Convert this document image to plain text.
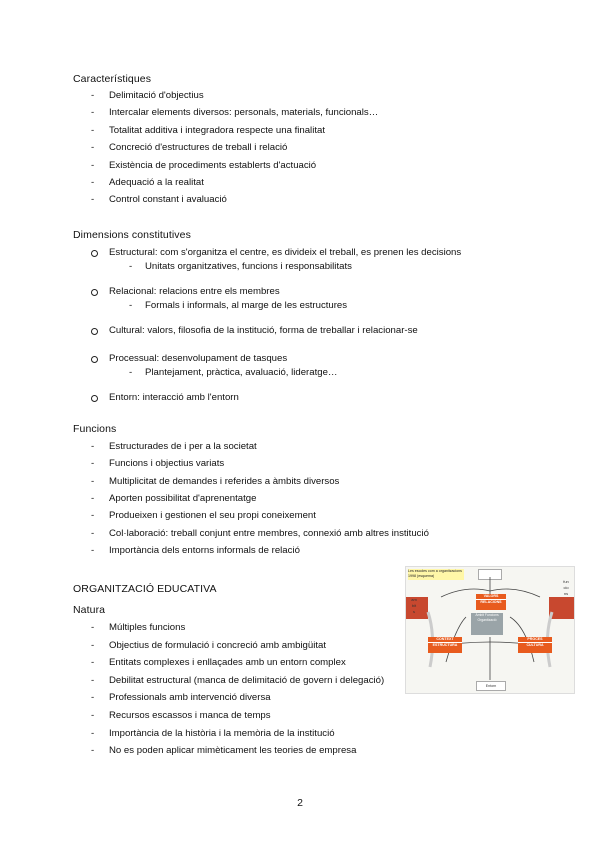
Característiques
Dimensions constitutives
Funcions
ORGANITZACIÓ EDUCATIVA
Natura
Les escoles com a organitzacions 1998 (esquema)
ambits
funcions
VALORS
RELACIONS
Àmbit Funcions Organització
CONTEXT
ESTRUCTURA
PROCES
CULTURA
Entorn
2
- Delimitació d'objectius
- Intercalar elements diversos: personals, materials, funcionals…
- Totalitat additiva i integradora respecte una finalitat
- Concreció d'estructures de treball i relació
- Existència de procediments establerts d'actuació
- Adequació a la realitat
- Control constant i avaluació
- Estructurades de i per a la societat
- Funcions i objectius variats
- Multiplicitat de demandes i referides a àmbits diversos
- Aporten possibilitat d'aprenentatge
- Produeixen i gestionen el seu propi coneixement
- Col·laboració: treball conjunt entre membres, connexió amb altres institució
- Importància dels entorns informals de relació
- Múltiples funcions
- Objectius de formulació i concreció amb ambigüitat
- Entitats complexes i enllaçades amb un entorn complex
- Debilitat estructural (manca de delimitació de govern i delegació)
- Professionals amb intervenció diversa
- Recursos escassos i manca de temps
- Importància de la història i la memòria de la institució
- No es poden aplicar mimèticament les teories de empresa
Estructural: com s'organitza el centre, es divideix el treball, es prenen les decisions
- Unitats organitzatives, funcions i responsabilitats
Relacional: relacions entre els membres
- Formals i informals, al marge de les estructures
Cultural: valors, filosofia de la institució, forma de treballar i relacionar-se
Processual: desenvolupament de tasques
- Plantejament, pràctica, avaluació, lideratge…
Entorn: interacció amb l'entorn
